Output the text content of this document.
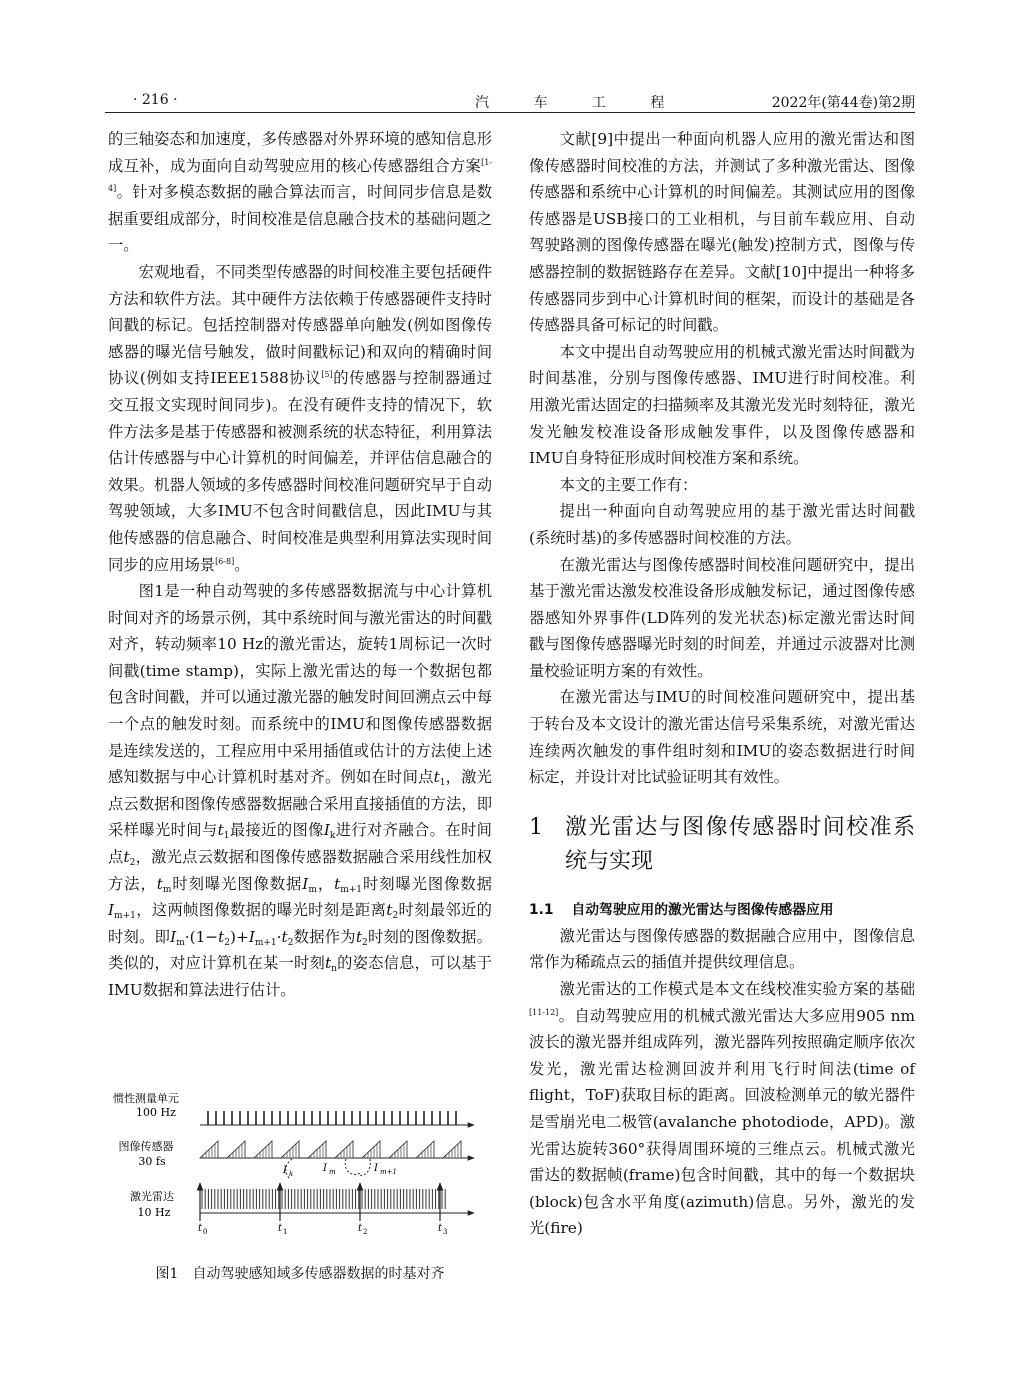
· 216 ·	汽 车 工 程	2022年(第44卷)第2期

的三轴姿态和加速度，多传感器对外界环境的感知信息形成互补，成为面向自动驾驶应用的核心传感器组合方案[1-4]。针对多模态数据的融合算法而言，时间同步信息是数据重要组成部分，时间校准是信息融合技术的基础问题之一。

宏观地看，不同类型传感器的时间校准主要包括硬件方法和软件方法。其中硬件方法依赖于传感器硬件支持时间戳的标记。包括控制器对传感器单向触发(例如图像传感器的曝光信号触发，做时间戳标记)和双向的精确时间协议(例如支持IEEE1588协议[5]的传感器与控制器通过交互报文实现时间同步)。在没有硬件支持的情况下，软件方法多是基于传感器和被测系统的状态特征，利用算法估计传感器与中心计算机的时间偏差，并评估信息融合的效果。机器人领域的多传感器时间校准问题研究早于自动驾驶领域，大多IMU不包含时间戳信息，因此IMU与其他传感器的信息融合、时间校准是典型利用算法实现时间同步的应用场景[6-8]。

图1是一种自动驾驶的多传感器数据流与中心计算机时间对齐的场景示例，其中系统时间与激光雷达的时间戳对齐，转动频率10 Hz的激光雷达，旋转1周标记一次时间戳(time stamp)，实际上激光雷达的每一个数据包都包含时间戳，并可以通过激光器的触发时间回溯点云中每一个点的触发时刻。而系统中的IMU和图像传感器数据是连续发送的，工程应用中采用插值或估计的方法使上述感知数据与中心计算机时基对齐。例如在时间点$t_1$，激光点云数据和图像传感器数据融合采用直接插值的方法，即采样曝光时间与$t_1$最接近的图像$I_k$进行对齐融合。在时间点$t_2$，激光点云数据和图像传感器数据融合采用线性加权方法，$t_m$时刻曝光图像数据$I_m$，$t_{m+1}$时刻曝光图像数据$I_{m+1}$，这两帧图像数据的曝光时刻是距离$t_2$时刻最邻近的时刻。即$I_m\cdot(1-t_2)+I_{m+1}\cdot t_2$数据作为$t_2$时刻的图像数据。类似的，对应计算机在某一时刻$t_n$的姿态信息，可以基于IMU数据和算法进行估计。

文献[9]中提出一种面向机器人应用的激光雷达和图像传感器时间校准的方法，并测试了多种激光雷达、图像传感器和系统中心计算机的时间偏差。其测试应用的图像传感器是USB接口的工业相机，与目前车载应用、自动驾驶路测的图像传感器在曝光(触发)控制方式，图像与传感器控制的数据链路存在差异。文献[10]中提出一种将多传感器同步到中心计算机时间的框架，而设计的基础是各传感器具备可标记的时间戳。

本文中提出自动驾驶应用的机械式激光雷达时间戳为时间基准，分别与图像传感器、IMU进行时间校准。利用激光雷达固定的扫描频率及其激光发光时刻特征，激光发光触发校准设备形成触发事件，以及图像传感器和IMU自身特征形成时间校准方案和系统。

本文的主要工作有：

提出一种面向自动驾驶应用的基于激光雷达时间戳(系统时基)的多传感器时间校准的方法。

在激光雷达与图像传感器时间校准问题研究中，提出基于激光雷达激发校准设备形成触发标记，通过图像传感器感知外界事件(LD阵列的发光状态)标定激光雷达时间戳与图像传感器曝光时刻的时间差，并通过示波器对比测量校验证明方案的有效性。

在激光雷达与IMU的时间校准问题研究中，提出基于转台及本文设计的激光雷达信号采集系统，对激光雷达连续两次触发的事件组时刻和IMU的姿态数据进行时间标定，并设计对比试验证明其有效性。

1	激光雷达与图像传感器时间校准系统与实现
1.1 自动驾驶应用的激光雷达与图像传感器应用

激光雷达与图像传感器的数据融合应用中，图像信息常作为稀疏点云的插值并提供纹理信息。

激光雷达的工作模式是本文在线校准实验方案的基础[11-12]。自动驾驶应用的机械式激光雷达大多应用905 nm波长的激光器并组成阵列，激光器阵列按照确定顺序依次发光，激光雷达检测回波并利用飞行时间法(time of flight，ToF)获取目标的距离。回波检测单元的敏光器件是雪崩光电二极管(avalanche photodiode，APD)。激光雷达旋转360°获得周围环境的三维点云。机械式激光雷达的数据帧(frame)包含时间戳，其中的每一个数据块(block)包含水平角度(azimuth)信息。另外，激光的发光(fire)

惯性测量单元
100 Hz
图像传感器
30 fs
I k	I m	I m+1
激光雷达
10 Hz
t 0	t 1	t 2	t 3
图1 自动驾驶感知域多传感器数据的时基对齐
